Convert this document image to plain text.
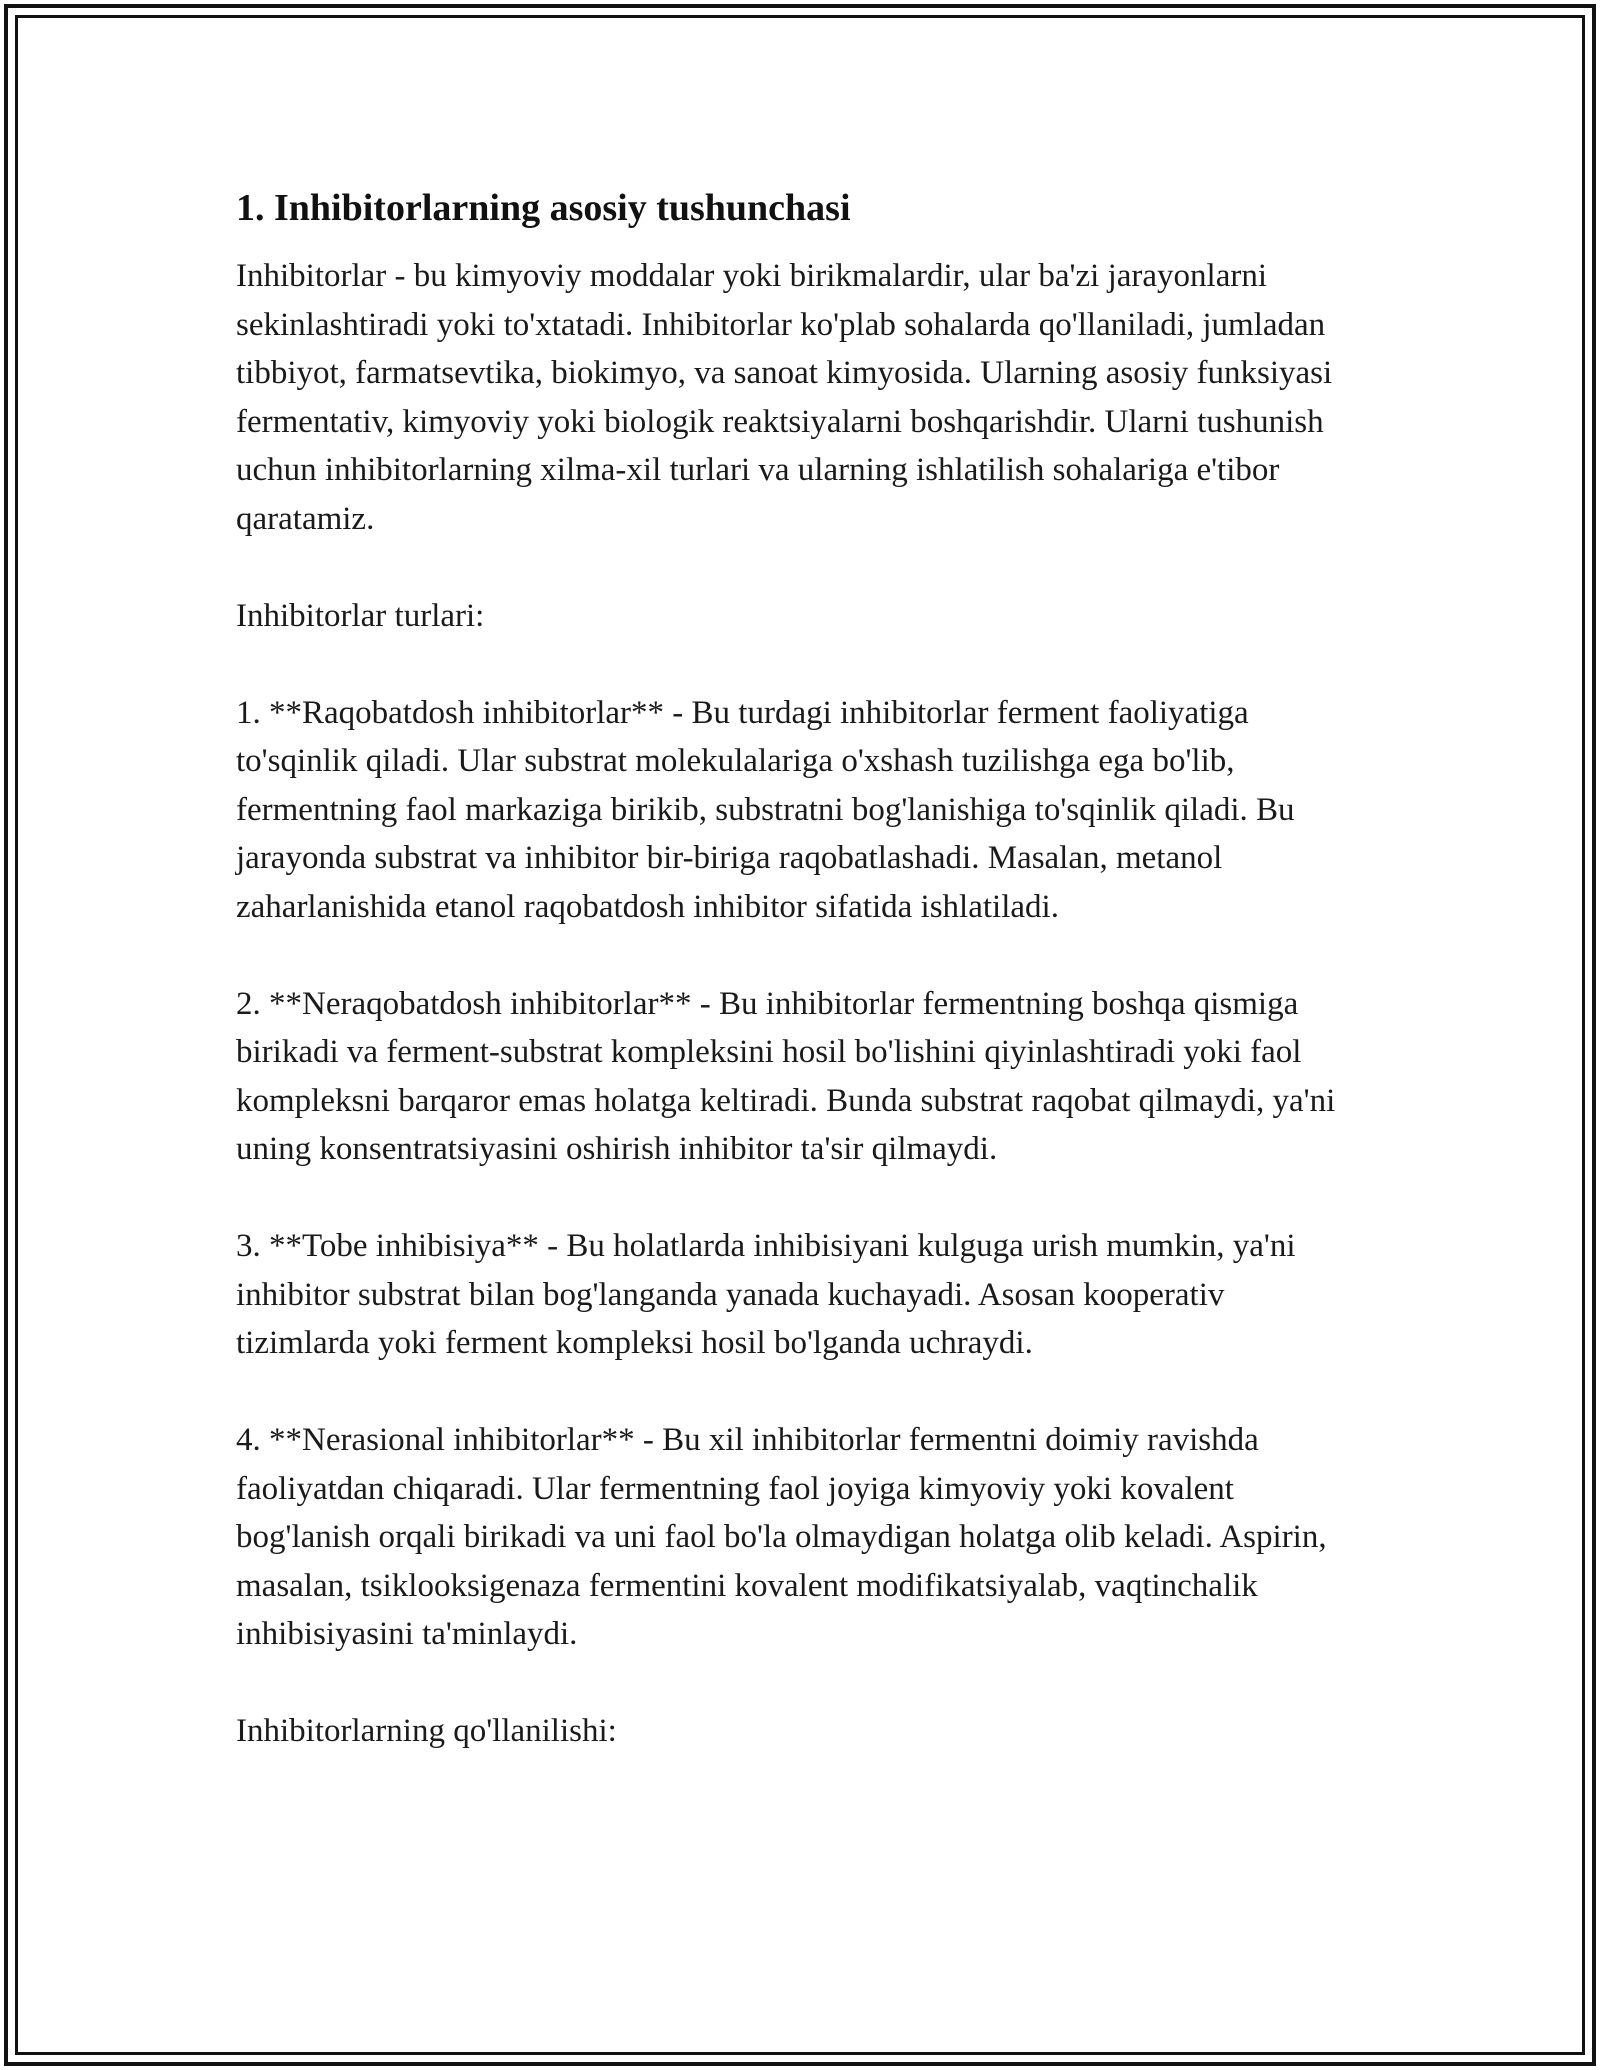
1. Inhibitorlarning asosiy tushunchasi

Inhibitorlar - bu kimyoviy moddalar yoki birikmalardir, ular ba'zi jarayonlarni sekinlashtiradi yoki to'xtatadi. Inhibitorlar ko'plab sohalarda qo'llaniladi, jumladan tibbiyot, farmatsevtika, biokimyo, va sanoat kimyosida. Ularning asosiy funksiyasi fermentativ, kimyoviy yoki biologik reaktsiyalarni boshqarishdir. Ularni tushunish uchun inhibitorlarning xilma-xil turlari va ularning ishlatilish sohalariga e'tibor qaratamiz.

Inhibitorlar turlari:

1. **Raqobatdosh inhibitorlar** - Bu turdagi inhibitorlar ferment faoliyatiga to'sqinlik qiladi. Ular substrat molekulalariga o'xshash tuzilishga ega bo'lib, fermentning faol markaziga birikib, substratni bog'lanishiga to'sqinlik qiladi. Bu jarayonda substrat va inhibitor bir-biriga raqobatlashadi. Masalan, metanol zaharlanishida etanol raqobatdosh inhibitor sifatida ishlatiladi.

2. **Neraqobatdosh inhibitorlar** - Bu inhibitorlar fermentning boshqa qismiga birikadi va ferment-substrat kompleksini hosil bo'lishini qiyinlashtiradi yoki faol kompleksni barqaror emas holatga keltiradi. Bunda substrat raqobat qilmaydi, ya'ni uning konsentratsiyasini oshirish inhibitor ta'sir qilmaydi.

3. **Tobe inhibisiya** - Bu holatlarda inhibisiyani kulguga urish mumkin, ya'ni inhibitor substrat bilan bog'langanda yanada kuchayadi. Asosan kooperativ tizimlarda yoki ferment kompleksi hosil bo'lganda uchraydi.

4. **Nerasional inhibitorlar** - Bu xil inhibitorlar fermentni doimiy ravishda faoliyatdan chiqaradi. Ular fermentning faol joyiga kimyoviy yoki kovalent bog'lanish orqali birikadi va uni faol bo'la olmaydigan holatga olib keladi. Aspirin, masalan, tsiklooksigenaza fermentini kovalent modifikatsiyalab, vaqtinchalik inhibisiyasini ta'minlaydi.

Inhibitorlarning qo'llanilishi:
